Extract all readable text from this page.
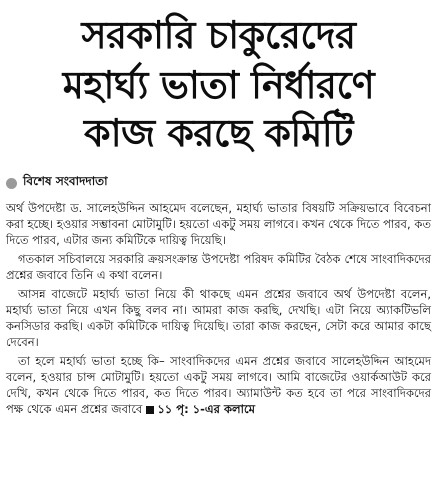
সরকারি চাকুরেদের
মহার্ঘ্য ভাতা নির্ধারণে
কাজ করছে কমিটি
বিশেষ সংবাদদাতা

অর্থ উপদেষ্টা ড. সালেহউদ্দিন আহমেদ বলেছেন, মহার্ঘ্য ভাতার বিষয়টি সক্রিয়ভাবে বিবেচনা করা হচ্ছে। হওয়ার সম্ভাবনা মোটামুটি। হয়তো একটু সময় লাগবে। কখন থেকে দিতে পারব, কত দিতে পারব, এটার জন্য কমিটিকে দায়িত্ব দিয়েছি।

গতকাল সচিবালয়ে সরকারি ক্রয়সংক্রান্ত উপদেষ্টা পরিষদ কমিটির বৈঠক শেষে সাংবাদিকদের প্রশ্নের জবাবে তিনি এ কথা বলেন।

আসন্ন বাজেটে মহার্ঘ্য ভাতা নিয়ে কী থাকছে এমন প্রশ্নের জবাবে অর্থ উপদেষ্টা বলেন, মহার্ঘ্য ভাতা নিয়ে এখন কিছু বলব না। আমরা কাজ করছি, দেখছি। এটা নিয়ে অ্যাকটিভলি কনসিডার করছি। একটা কমিটিকে দায়িত্ব দিয়েছি। তারা কাজ করছেন, সেটা করে আমার কাছে দেবেন।

তা হলে মহার্ঘ্য ভাতা হচ্ছে কি– সাংবাদিকদের এমন প্রশ্নের জবাবে সালেহউদ্দিন আহমেদ বলেন, হওয়ার চান্স মোটামুটি। হয়তো একটু সময় লাগবে। আমি বাজেটের ওয়ার্কআউট করে দেখি, কখন থেকে দিতে পারব, কত দিতে পারব। অ্যামাউন্ট কত হবে তা পরে সাংবাদিকদের পক্ষ থেকে এমন প্রশ্নের জবাবে ১১ পৃ: ১-এর কলামে
